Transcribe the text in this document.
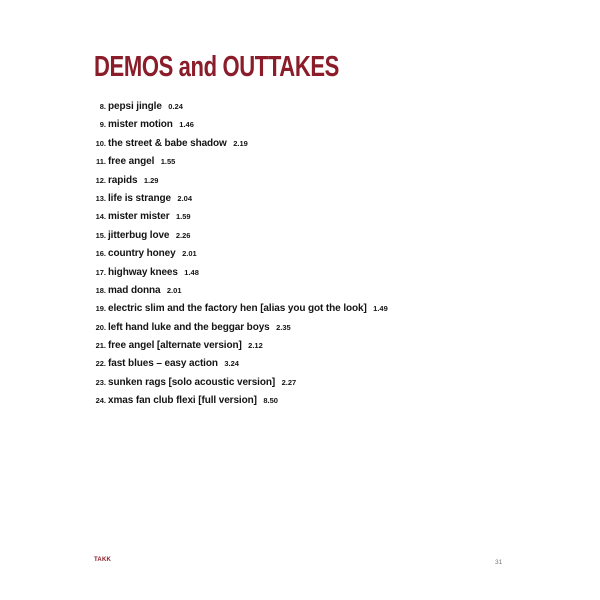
DEMOS and OUTTAKES
8. pepsi jingle 0.24
9. mister motion 1.46
10. the street & babe shadow 2.19
11. free angel 1.55
12. rapids 1.29
13. life is strange 2.04
14. mister mister 1.59
15. jitterbug love 2.26
16. country honey 2.01
17. highway knees 1.48
18. mad donna 2.01
19. electric slim and the factory hen [alias you got the look] 1.49
20. left hand luke and the beggar boys 2.35
21. free angel [alternate version] 2.12
22. fast blues – easy action 3.24
23. sunken rags [solo acoustic version] 2.27
24. xmas fan club flexi [full version] 8.50
TAKK	31
